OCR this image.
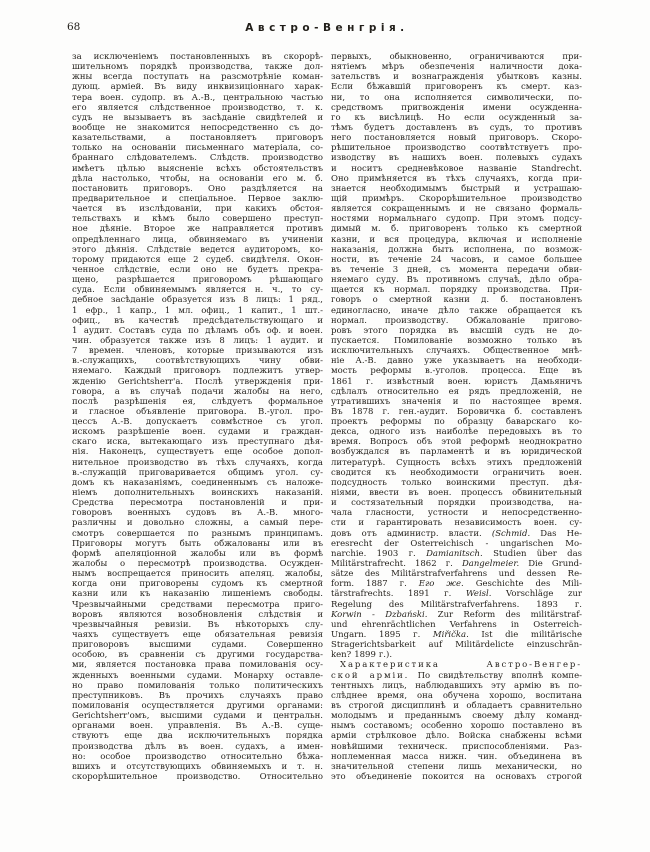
68	Австро-Венгрія.
за исключеніемъ постановленныхъ въ скорорѣ-
шительномъ порядкѣ производства, также дол-
жны всегда поступать на разсмотрѣніе коман-
дующ. арміей. Въ виду инквизиціоннаго харак-
тера воен. судопр. въ А.-В., центральною частью
его является слѣдственное производство, т. к.
судъ не вызываетъ въ засѣданіе свидѣтелей и
вообще не знакомится непосредственно съ до-
казательствами, а постановляетъ приговоръ
только на основаніи письменнаго матеріала, со-
браннаго слѣдователемъ. Слѣдств. производство
имѣетъ цѣлью выясненіе всѣхъ обстоятельствъ
дѣла настолько, чтобы, на основаніи его м. б.
постановить приговоръ. Оно раздѣляется на
предварительное и спеціальное. Первое заклю-
чается въ изслѣдованіи, при какихъ обстоя-
тельствахъ и кѣмъ было совершено преступ-
ное дѣяніе. Второе же направляется противъ
опредѣленнаго лица, обвиняемаго въ учиненіи
этого дѣянія. Слѣдствіе ведется аудиторомъ, ко-
торому придаются еще 2 судеб. свидѣтеля. Окон-
ченное слѣдствіе, если оно не будетъ прекра-
щено, разрѣшается приговоромъ рѣшающаго
суда. Если обвиняемымъ является н. ч., то су-
дебное засѣданіе образуется изъ 8 лицъ: 1 ряд.,
1 ефр., 1 капр., 1 мл. офиц., 1 капит., 1 шт.-
офиц., въ качествѣ предсѣдательствующаго и
1 аудит. Составъ суда по дѣламъ объ оф. и воен.
чин. образуется также изъ 8 лицъ: 1 аудит. и
7 времен. членовъ, которые призываются изъ
в.-служащихъ, соотвѣтствующихъ чину обви-
няемаго. Каждый приговоръ подлежитъ утвер-
жденію Gerichtsherr'а. Послѣ утвержденія при-
говора, а въ случаѣ подачи жалобы на него,
послѣ разрѣшенія ея, слѣдуетъ формальное
и гласное объявленіе приговора. В.-угол. про-
цессъ А.-В. допускаетъ совмѣстное съ угол.
искомъ разрѣшеніе воен. судами и граждан-
скаго иска, вытекающаго изъ преступнаго дѣя-
нія. Наконецъ, существуетъ еще особое допол-
нительное производство въ тѣхъ случаяхъ, когда
в.-служащій приговаривается общимъ угол. су-
домъ къ наказаніямъ, соединеннымъ съ наложе-
ніемъ дополнительныхъ воинскихъ наказаній.
Средства пересмотра постановленій и при-
говоровъ военныхъ судовъ въ А.-В. много-
различны и довольно сложны, а самый пере-
смотръ совершается по разнымъ принципамъ.
Приговоры могутъ быть обжалованы или въ
формѣ апеляціонной жалобы или въ формѣ
жалобы о пересмотрѣ производства. Осужден-
нымъ воспрещается приносить апеляц. жалобы,
когда они приговорены судомъ къ смертной
казни или къ наказанію лишеніемъ свободы.
Чрезвычайными средствами пересмотра приго-
воровъ являются возобновленія слѣдствія и
чрезвычайныя ревизіи. Въ нѣкоторыхъ слу-
чаяхъ существуетъ еще обязательная ревизія
приговоровъ высшими судами. Совершенно
особою, въ сравненіи съ другими государства-
ми, является постановка права помилованія осу-
жденныхъ военными судами. Монарху оставле-
но право помилованія только политическихъ
преступниковъ. Въ прочихъ случаяхъ право
помилованія осуществляется другими органами:
Gerichtsherr'омъ, высшими судами и центральн.
органами воен. управленія. Въ А.-В. суще-
ствуютъ еще два исключительныхъ порядка
производства дѣлъ въ воен. судахъ, а имен-
но: особое производство относительно бѣжа-
вшихъ и отсутствующихъ обвиняемыхъ и т. н.
скорорѣшительное производство. Относительно
первыхъ, обыкновенно, ограничиваются при-
нятіемъ мѣръ обезпеченія наличности дока-
зательствъ и вознагражденія убытковъ казны.
Если бѣжавшій приговоренъ къ смерт. каз-
ни, то она исполняется символически, по-
средствомъ пригвожденія имени осужденна-
го къ висѣлицѣ. Но если осужденный за-
тѣмъ будетъ доставленъ въ судъ, то противъ
него постановляется новый приговоръ. Скоро-
рѣшительное производство соотвѣтствуетъ про-
изводству въ нашихъ воен. полевыхъ судахъ
и носитъ средневѣковое названіе Standrecht.
Оно примѣняется въ тѣхъ случаяхъ, когда при-
знается необходимымъ быстрый и устрашаю-
щій примѣръ. Скорорѣшительное производство
является сокращеннымъ и не связано формаль-
ностями нормальнаго судопр. При этомъ подсу-
димый м. б. приговоренъ только къ смертной
казни, и вся процедура, включая и исполненіе
наказанія, должна быть исполнена, по возмож-
ности, въ теченіе 24 часовъ, и самое большее
въ теченіе 3 дней, съ момента передачи обви-
няемаго суду. Въ противномъ случаѣ, дѣло обра-
щается къ нормал. порядку производства. При-
говоръ о смертной казни д. б. постановленъ
единогласно, иначе дѣло также обращается къ
нормал. производству. Обжалованіе пригово-
ровъ этого порядка въ высшій судъ не до-
пускается. Помилованіе возможно только въ
исключительныхъ случаяхъ. Общественное мнѣ-
ніе А.-В. давно уже указываетъ на необходи-
мость реформы в.-уголов. процесса. Еще въ
1861 г. извѣстный воен. юристъ Дамьяничъ
сдѣлалъ относительно ея рядъ предложеній, не
утратившихъ значенія и по настоящее время.
Въ 1878 г. ген.-аудит. Боровичка б. составленъ
проектъ реформы по образцу баварскаго ко-
декса, одного изъ наиболѣе передовыхъ въ то
время. Вопросъ объ этой реформѣ неоднократно
возбуждался въ парламентѣ и въ юридической
литературѣ. Сущность всѣхъ этихъ предложеній
сводится къ необходимости ограничить воен.
подсудность только воинскими преступ. дѣя-
ніями, ввести въ воен. процессъ обвинительный
и состязательный порядки производства, на-
чала гласности, устности и непосредственно-
сти и гарантировать независимость воен. су-
довъ отъ администр. власти. (Schmid. Das He-
eresrecht der Österreichisch - ungarischen Mo-
narchie. 1903 г. Damianitsch. Studien über das
Militärstrafrecht. 1862 г. Dangelmeier. Die Grund-
sätze des Militärstrafverfahrens und dessen Re-
form. 1887 г. Его же. Geschichte des Mili-
tärstrafrechts. 1891 г. Weisl. Vorschläge zur
Regelung des Militärstrafverfahrens. 1893 г.
Korwin - Dzbański. Zur Reform des militärstraf-
und ehrenrächtlichen Verfahrens in Österreich-
Ungarn. 1895 г. Miřička. Ist die militärische
Stragerichtsbarkeit auf Militärdelicte einzuschrän-
ken? 1899 г.).
Характеристика Австро-Венгер-
ской арміи. По свидѣтельству вполнѣ компе-
тентныхъ лицъ, наблюдавшихъ эту армію въ по-
слѣднее время, она обучена хорошо, воспитана
въ строгой дисциплинѣ и обладаетъ сравнительно
молодымъ и преданнымъ своему дѣлу команд-
нымъ составомъ; особенно хорошо поставлено въ
арміи стрѣлковое дѣло. Войска снабжены всѣми
новѣйшими техническ. приспособленіями. Раз-
ноплеменная масса нижн. чин. объединена въ
значительной степени лишь механически, но
это объединеніе покоится на основахъ строгой
